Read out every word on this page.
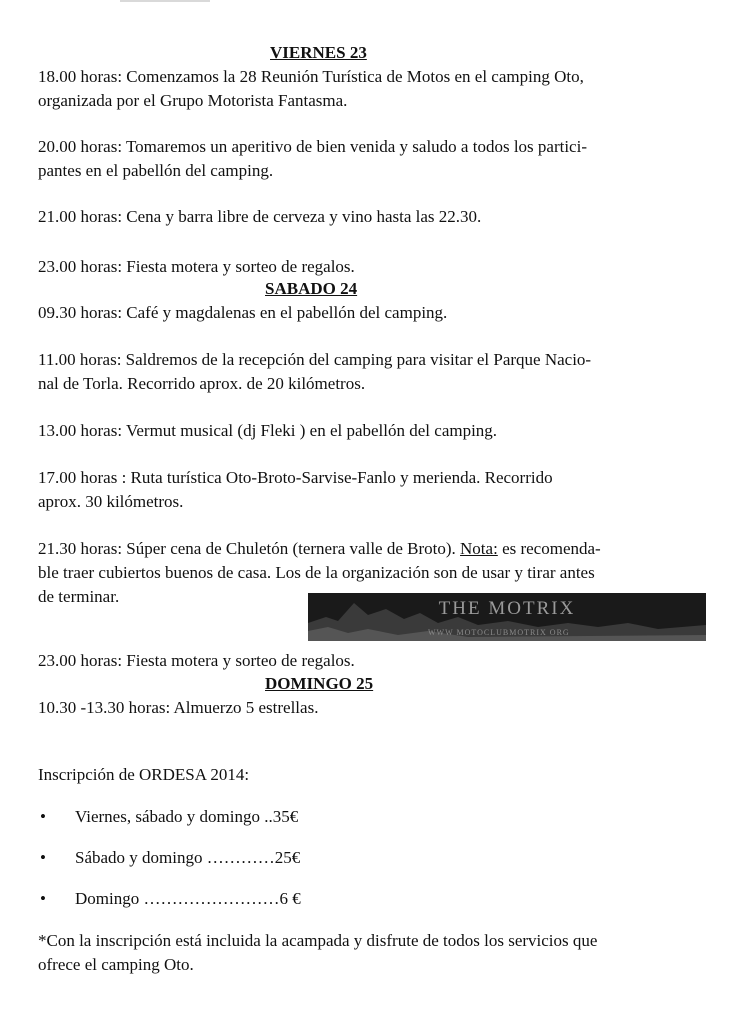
VIERNES 23

18.00 horas: Comenzamos la 28 Reunión Turística de Motos en el camping Oto,
organizada por el Grupo Motorista Fantasma.

20.00 horas: Tomaremos un aperitivo de bien venida y saludo a todos los partici-
pantes en el pabellón del camping.

21.00 horas: Cena y barra libre de cerveza y vino hasta las 22.30.

23.00 horas: Fiesta motera y sorteo de regalos.

SABADO 24

09.30 horas: Café y magdalenas en el pabellón del camping.

11.00 horas: Saldremos de la recepción del camping para visitar el Parque Nacio-
nal de Torla. Recorrido aprox. de 20 kilómetros.

13.00 horas: Vermut musical (dj Fleki ) en el pabellón del camping.

17.00 horas : Ruta turística Oto-Broto-Sarvise-Fanlo y merienda. Recorrido
aprox. 30 kilómetros.

21.30 horas: Súper cena de Chuletón (ternera valle de Broto). Nota: es recomenda-
ble traer cubiertos buenos de casa. Los de la organización son de usar y tirar antes
de terminar.

THE MOTRIX
WWW MOTOCLUBMOTRIX ORG

23.00 horas: Fiesta motera y sorteo de regalos.

DOMINGO 25

10.30 -13.30 horas: Almuerzo 5 estrellas.

Inscripción de ORDESA 2014:

• Viernes, sábado y domingo ..35€
• Sábado y domingo …………25€
• Domingo ……………………6 €

*Con la inscripción está incluida la acampada y disfrute de todos los servicios que
ofrece el camping Oto.
